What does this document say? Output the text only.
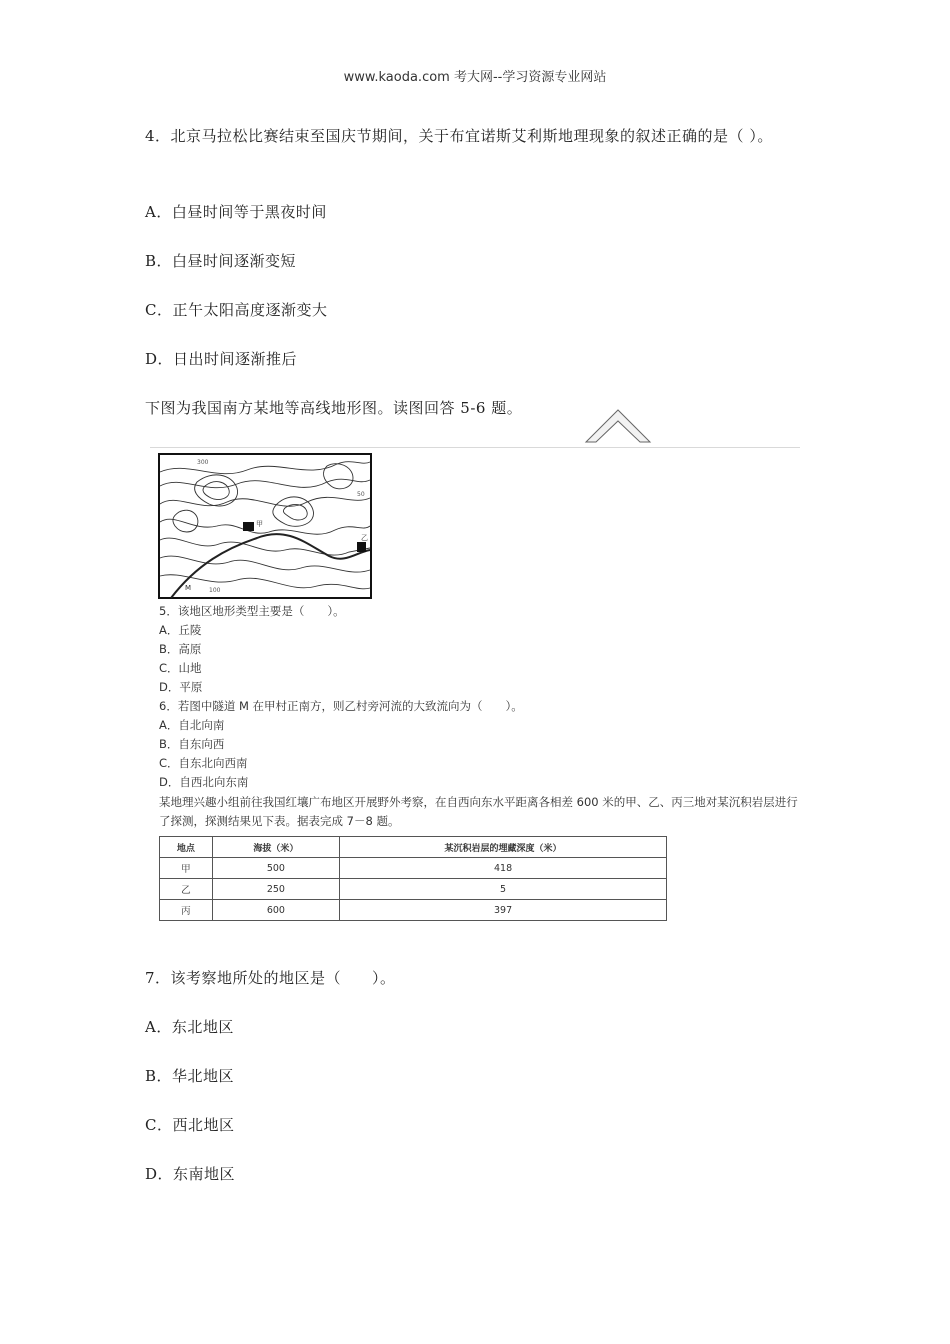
www.kaoda.com 考大网--学习资源专业网站
4．北京马拉松比赛结束至国庆节期间，关于布宜诺斯艾利斯地理现象的叙述正确的是（ ）。
A．白昼时间等于黑夜时间
B．白昼时间逐渐变短
C．正午太阳高度逐渐变大
D．日出时间逐渐推后
下图为我国南方某地等高线地形图。读图回答 5-6 题。
甲
乙
M
300
100
50
5．该地区地形类型主要是（　　）。
A．丘陵
B．高原
C．山地
D．平原
6．若图中隧道 M 在甲村正南方，则乙村旁河流的大致流向为（　　）。
A．自北向南
B．自东向西
C．自东北向西南
D．自西北向东南
某地理兴趣小组前往我国红壤广布地区开展野外考察，在自西向东水平距离各相差 600 米的甲、乙、丙三地对某沉积岩层进行了探测，探测结果见下表。据表完成 7－8 题。
地点	海拔（米）	某沉积岩层的埋藏深度（米）
甲	500	418
乙	250	5
丙	600	397
7．该考察地所处的地区是（　　）。
A．东北地区
B．华北地区
C．西北地区
D．东南地区
